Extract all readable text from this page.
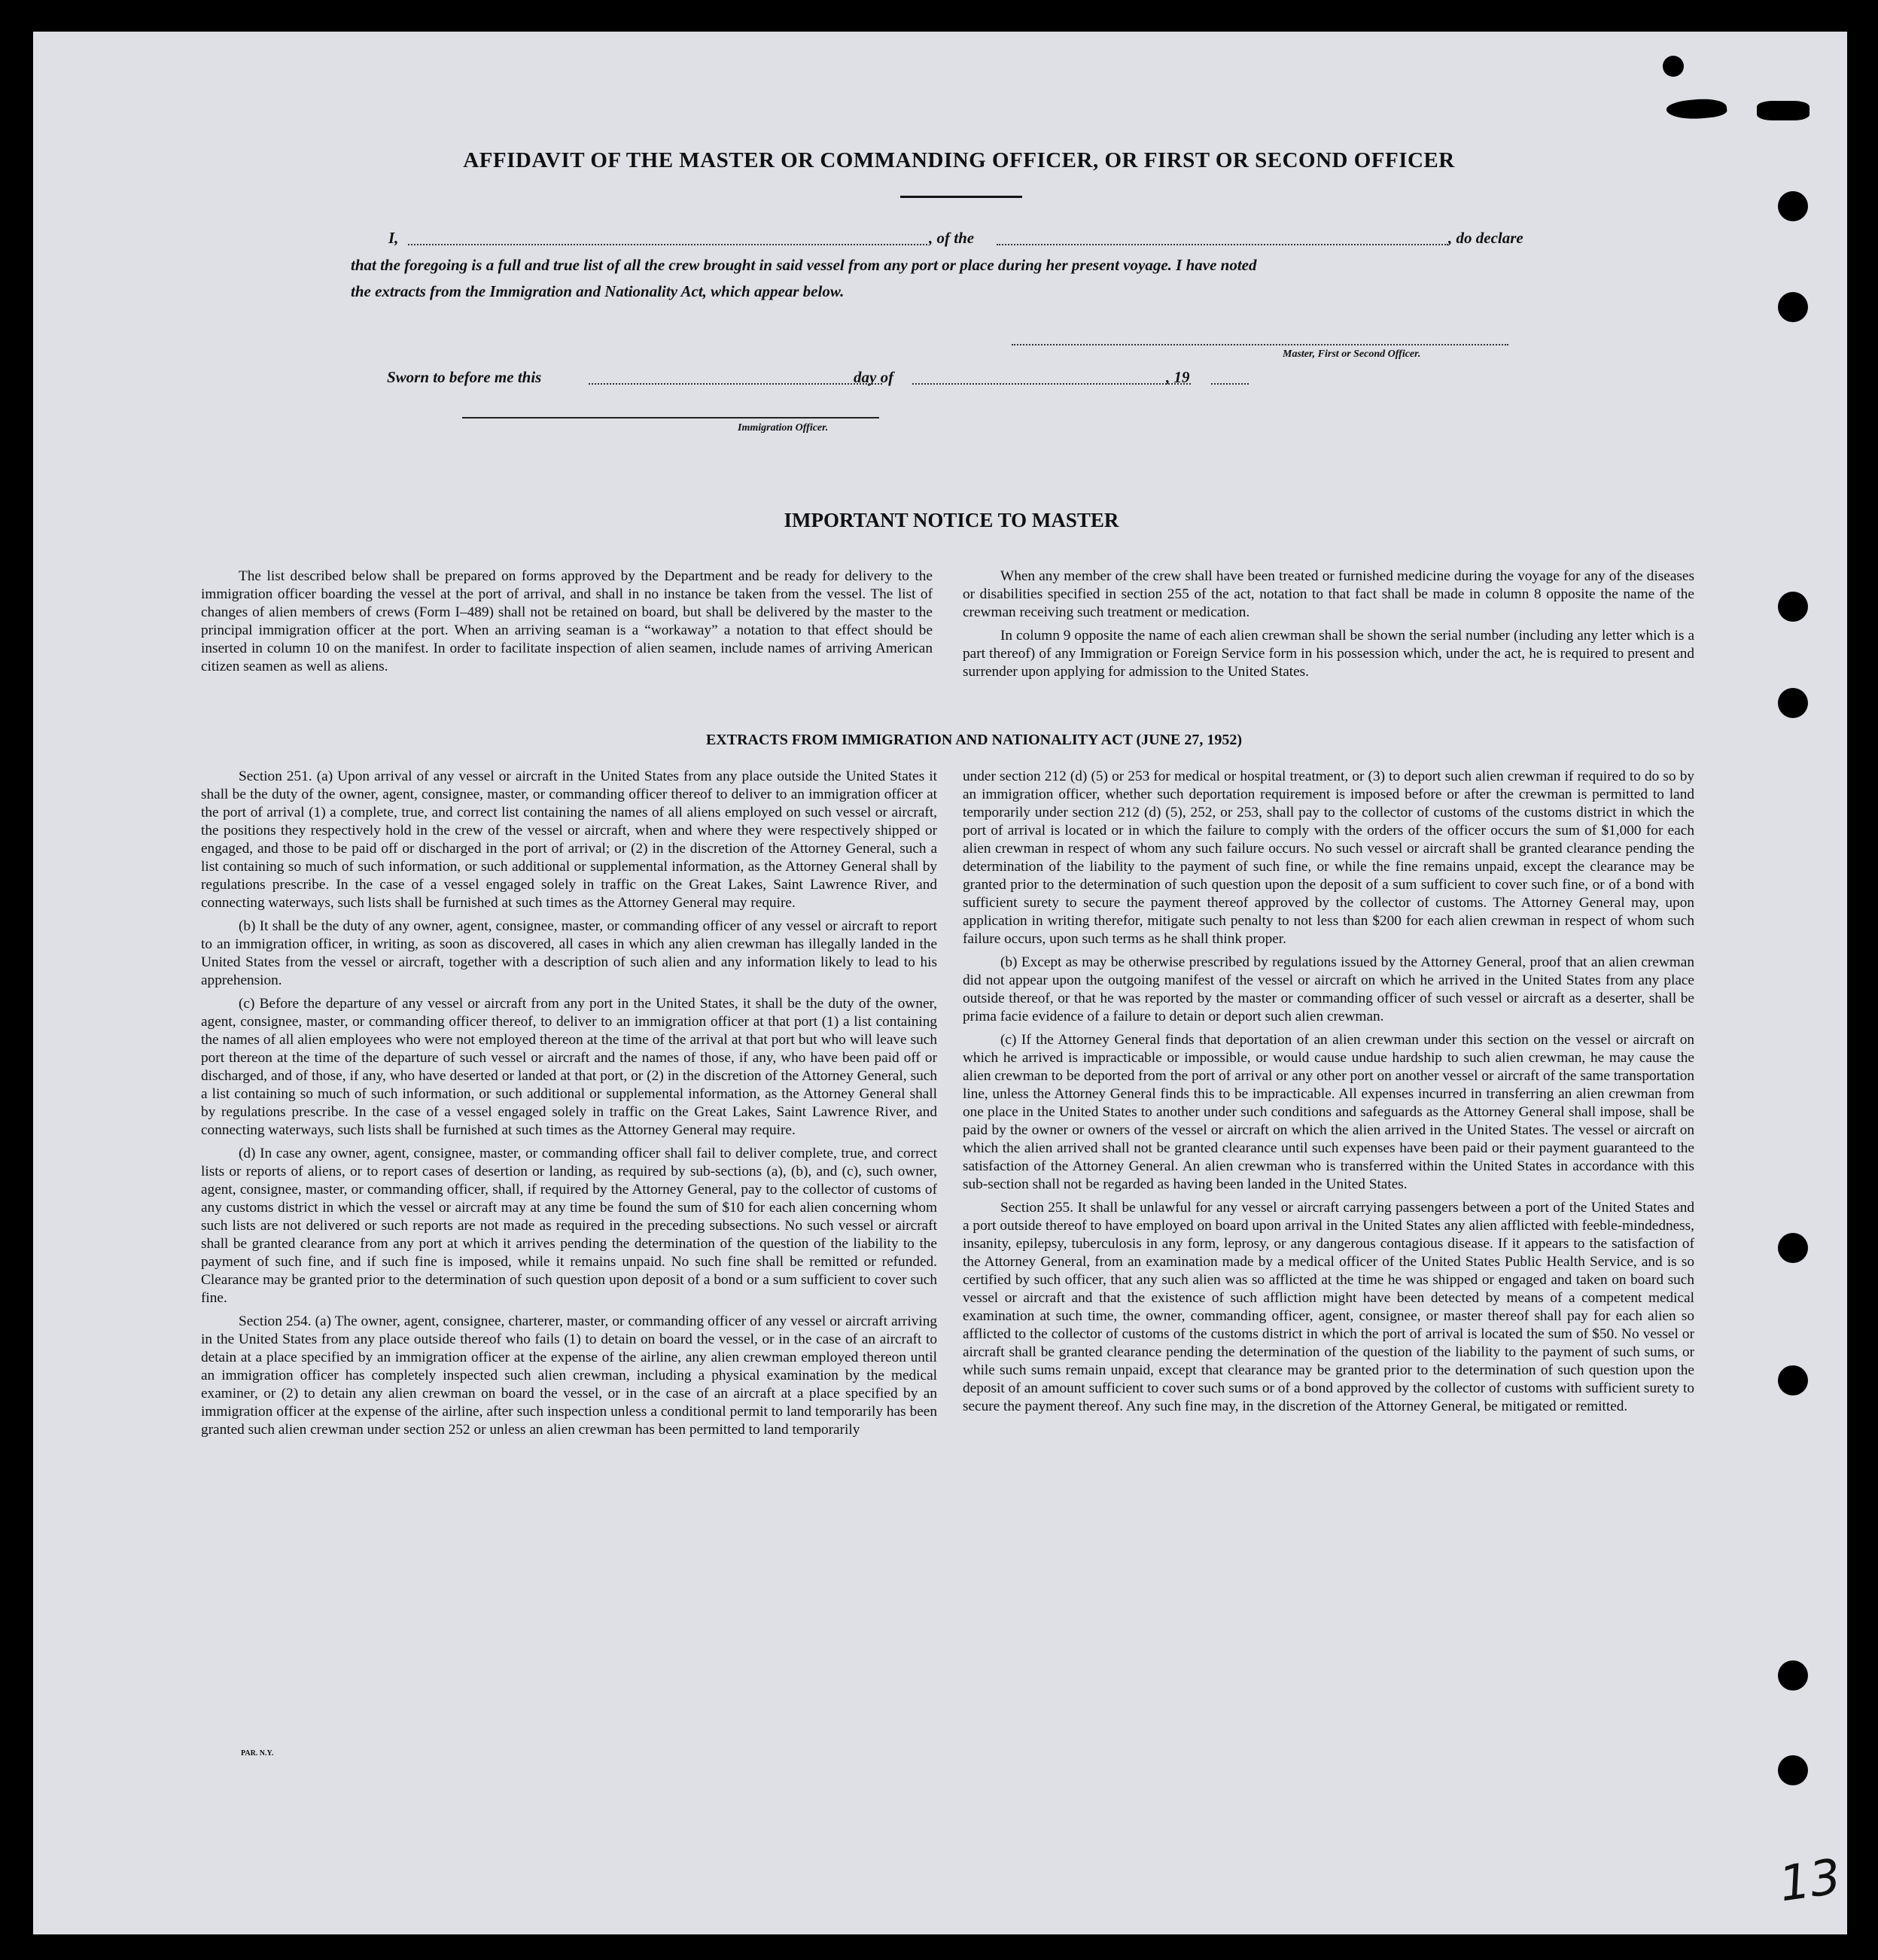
AFFIDAVIT OF THE MASTER OR COMMANDING OFFICER, OR FIRST OR SECOND OFFICER
I,	, of the	, do declare
that the foregoing is a full and true list of all the crew brought in said vessel from any port or place during her present voyage. I have noted
the extracts from the Immigration and Nationality Act, which appear below.
Master, First or Second Officer.
Sworn to before me this	day of	, 19
Immigration Officer.
IMPORTANT NOTICE TO MASTER

The list described below shall be prepared on forms approved by the Department and be ready for delivery to the immigration officer boarding the vessel at the port of arrival, and shall in no instance be taken from the vessel. The list of changes of alien members of crews (Form I–489) shall not be retained on board, but shall be delivered by the master to the principal immigration officer at the port. When an arriving seaman is a “workaway” a notation to that effect should be inserted in column 10 on the manifest. In order to facilitate inspection of alien seamen, include names of arriving American citizen seamen as well as aliens.

When any member of the crew shall have been treated or furnished medicine during the voyage for any of the diseases or disabilities specified in section 255 of the act, notation to that fact shall be made in column 8 opposite the name of the crewman receiving such treatment or medication.

In column 9 opposite the name of each alien crewman shall be shown the serial number (including any letter which is a part thereof) of any Immigration or Foreign Service form in his possession which, under the act, he is required to present and surrender upon applying for admission to the United States.

EXTRACTS FROM IMMIGRATION AND NATIONALITY ACT (JUNE 27, 1952)

Section 251. (a) Upon arrival of any vessel or aircraft in the United States from any place outside the United States it shall be the duty of the owner, agent, consignee, master, or commanding officer thereof to deliver to an immigration officer at the port of arrival (1) a complete, true, and correct list containing the names of all aliens employed on such vessel or aircraft, the positions they respectively hold in the crew of the vessel or aircraft, when and where they were respectively shipped or engaged, and those to be paid off or discharged in the port of arrival; or (2) in the discretion of the Attorney General, such a list containing so much of such information, or such additional or supplemental information, as the Attorney General shall by regulations prescribe. In the case of a vessel engaged solely in traffic on the Great Lakes, Saint Lawrence River, and connecting waterways, such lists shall be furnished at such times as the Attorney General may require.

(b) It shall be the duty of any owner, agent, consignee, master, or commanding officer of any vessel or aircraft to report to an immigration officer, in writing, as soon as discovered, all cases in which any alien crewman has illegally landed in the United States from the vessel or aircraft, together with a description of such alien and any information likely to lead to his apprehension.

(c) Before the departure of any vessel or aircraft from any port in the United States, it shall be the duty of the owner, agent, consignee, master, or commanding officer thereof, to deliver to an immigration officer at that port (1) a list containing the names of all alien employees who were not employed thereon at the time of the arrival at that port but who will leave such port thereon at the time of the departure of such vessel or aircraft and the names of those, if any, who have been paid off or discharged, and of those, if any, who have deserted or landed at that port, or (2) in the discretion of the Attorney General, such a list containing so much of such information, or such additional or supplemental information, as the Attorney General shall by regulations prescribe. In the case of a vessel engaged solely in traffic on the Great Lakes, Saint Lawrence River, and connecting waterways, such lists shall be furnished at such times as the Attorney General may require.

(d) In case any owner, agent, consignee, master, or commanding officer shall fail to deliver complete, true, and correct lists or reports of aliens, or to report cases of desertion or landing, as required by sub-sections (a), (b), and (c), such owner, agent, consignee, master, or commanding officer, shall, if required by the Attorney General, pay to the collector of customs of any customs district in which the vessel or aircraft may at any time be found the sum of $10 for each alien concerning whom such lists are not delivered or such reports are not made as required in the preceding subsections. No such vessel or aircraft shall be granted clearance from any port at which it arrives pending the determination of the question of the liability to the payment of such fine, and if such fine is imposed, while it remains unpaid. No such fine shall be remitted or refunded. Clearance may be granted prior to the determination of such question upon deposit of a bond or a sum sufficient to cover such fine.

Section 254. (a) The owner, agent, consignee, charterer, master, or commanding officer of any vessel or aircraft arriving in the United States from any place outside thereof who fails (1) to detain on board the vessel, or in the case of an aircraft to detain at a place specified by an immigration officer at the expense of the airline, any alien crewman employed thereon until an immigration officer has completely inspected such alien crewman, including a physical examination by the medical examiner, or (2) to detain any alien crewman on board the vessel, or in the case of an aircraft at a place specified by an immigration officer at the expense of the airline, after such inspection unless a conditional permit to land temporarily has been granted such alien crewman under section 252 or unless an alien crewman has been permitted to land temporarily

under section 212 (d) (5) or 253 for medical or hospital treatment, or (3) to deport such alien crewman if required to do so by an immigration officer, whether such deportation requirement is imposed before or after the crewman is permitted to land temporarily under section 212 (d) (5), 252, or 253, shall pay to the collector of customs of the customs district in which the port of arrival is located or in which the failure to comply with the orders of the officer occurs the sum of $1,000 for each alien crewman in respect of whom any such failure occurs. No such vessel or aircraft shall be granted clearance pending the determination of the liability to the payment of such fine, or while the fine remains unpaid, except the clearance may be granted prior to the determination of such question upon the deposit of a sum sufficient to cover such fine, or of a bond with sufficient surety to secure the payment thereof approved by the collector of customs. The Attorney General may, upon application in writing therefor, mitigate such penalty to not less than $200 for each alien crewman in respect of whom such failure occurs, upon such terms as he shall think proper.

(b) Except as may be otherwise prescribed by regulations issued by the Attorney General, proof that an alien crewman did not appear upon the outgoing manifest of the vessel or aircraft on which he arrived in the United States from any place outside thereof, or that he was reported by the master or commanding officer of such vessel or aircraft as a deserter, shall be prima facie evidence of a failure to detain or deport such alien crewman.

(c) If the Attorney General finds that deportation of an alien crewman under this section on the vessel or aircraft on which he arrived is impracticable or impossible, or would cause undue hardship to such alien crewman, he may cause the alien crewman to be deported from the port of arrival or any other port on another vessel or aircraft of the same transportation line, unless the Attorney General finds this to be impracticable. All expenses incurred in transferring an alien crewman from one place in the United States to another under such conditions and safeguards as the Attorney General shall impose, shall be paid by the owner or owners of the vessel or aircraft on which the alien arrived in the United States. The vessel or aircraft on which the alien arrived shall not be granted clearance until such expenses have been paid or their payment guaranteed to the satisfaction of the Attorney General. An alien crewman who is transferred within the United States in accordance with this sub-section shall not be regarded as having been landed in the United States.

Section 255. It shall be unlawful for any vessel or aircraft carrying passengers between a port of the United States and a port outside thereof to have employed on board upon arrival in the United States any alien afflicted with feeble-mindedness, insanity, epilepsy, tuberculosis in any form, leprosy, or any dangerous contagious disease. If it appears to the satisfaction of the Attorney General, from an examination made by a medical officer of the United States Public Health Service, and is so certified by such officer, that any such alien was so afflicted at the time he was shipped or engaged and taken on board such vessel or aircraft and that the existence of such affliction might have been detected by means of a competent medical examination at such time, the owner, commanding officer, agent, consignee, or master thereof shall pay for each alien so afflicted to the collector of customs of the customs district in which the port of arrival is located the sum of $50. No vessel or aircraft shall be granted clearance pending the determination of the question of the liability to the payment of such sums, or while such sums remain unpaid, except that clearance may be granted prior to the determination of such question upon the deposit of an amount sufficient to cover such sums or of a bond approved by the collector of customs with sufficient surety to secure the payment thereof. Any such fine may, in the discretion of the Attorney General, be mitigated or remitted.

PAR. N.Y.
13
